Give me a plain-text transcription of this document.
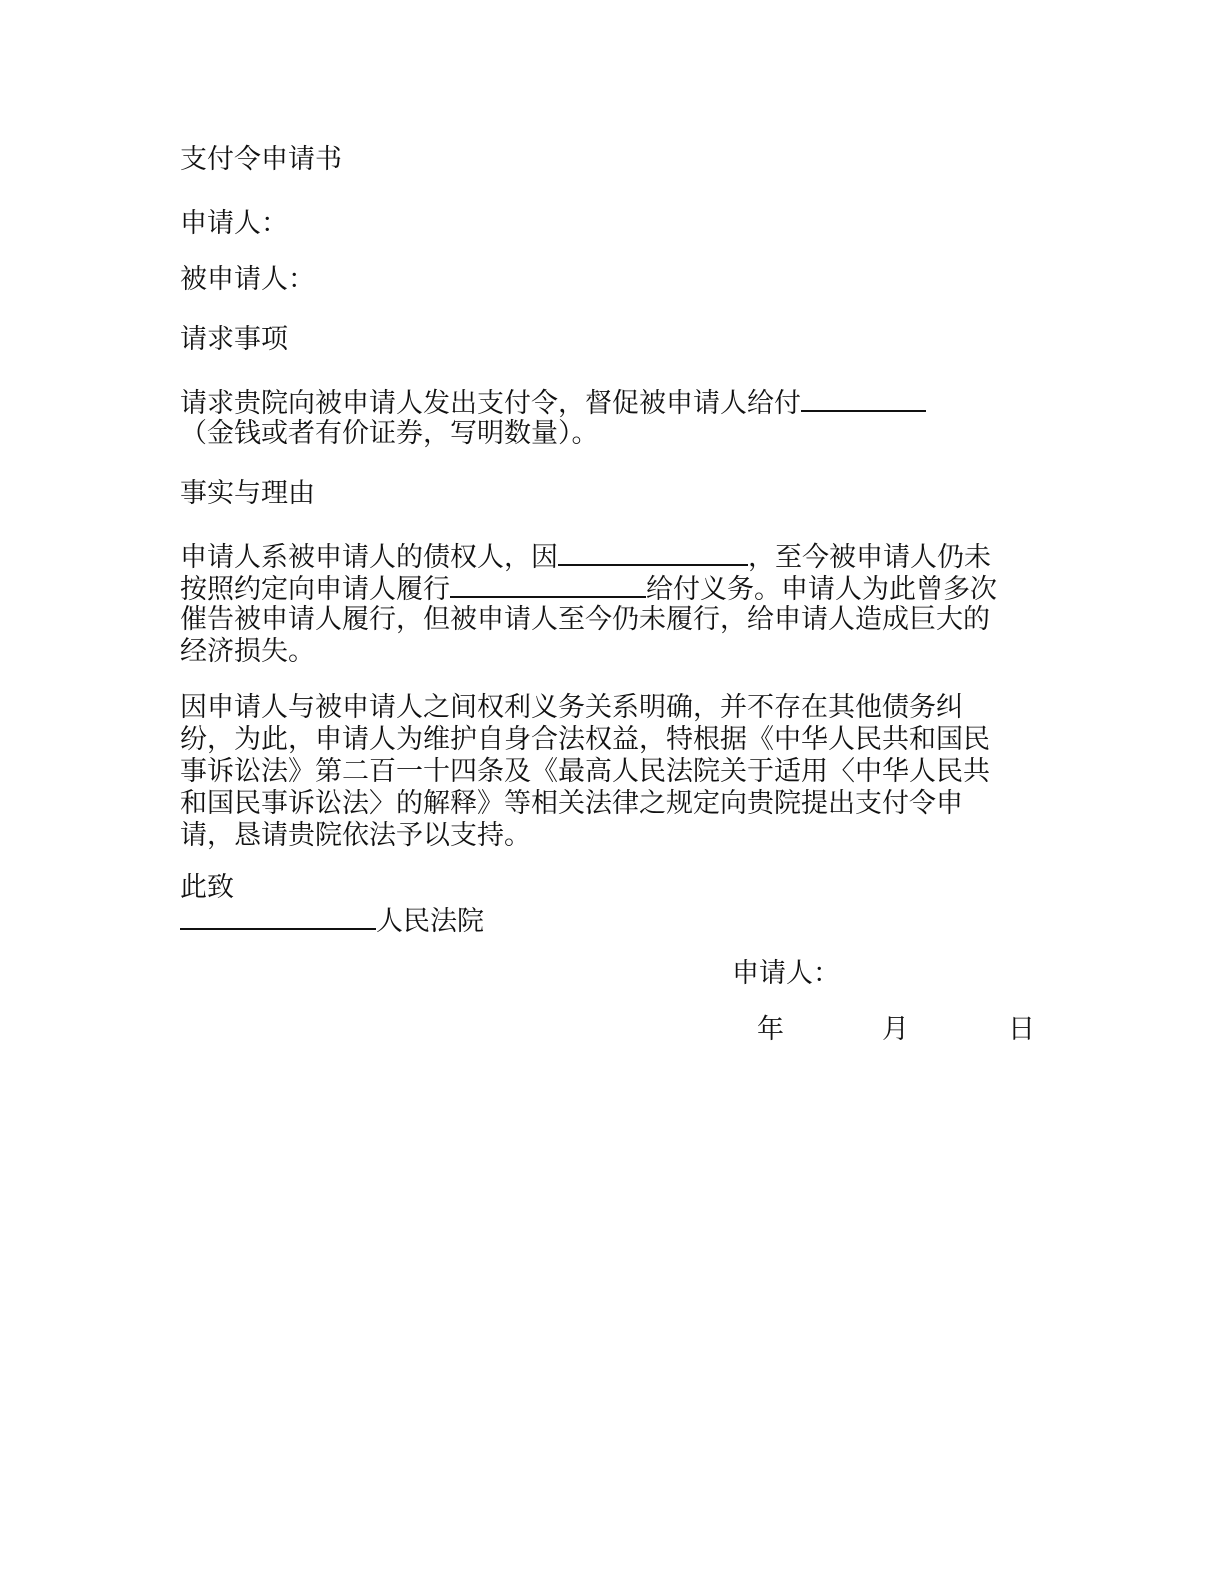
支付令申请书
申请人：
被申请人：
请求事项
请求贵院向被申请人发出支付令，督促被申请人给付
（金钱或者有价证券，写明数量）。
事实与理由
申请人系被申请人的债权人，因	，至今被申请人仍未
按照约定向申请人履行	给付义务。申请人为此曾多次
催告被申请人履行，但被申请人至今仍未履行，给申请人造成巨大的
经济损失。
因申请人与被申请人之间权利义务关系明确，并不存在其他债务纠
纷，为此，申请人为维护自身合法权益，特根据《中华人民共和国民
事诉讼法》第二百一十四条及《最高人民法院关于适用〈中华人民共
和国民事诉讼法〉的解释》等相关法律之规定向贵院提出支付令申
请，恳请贵院依法予以支持。
此致
人民法院
申请人：
年	月	日
